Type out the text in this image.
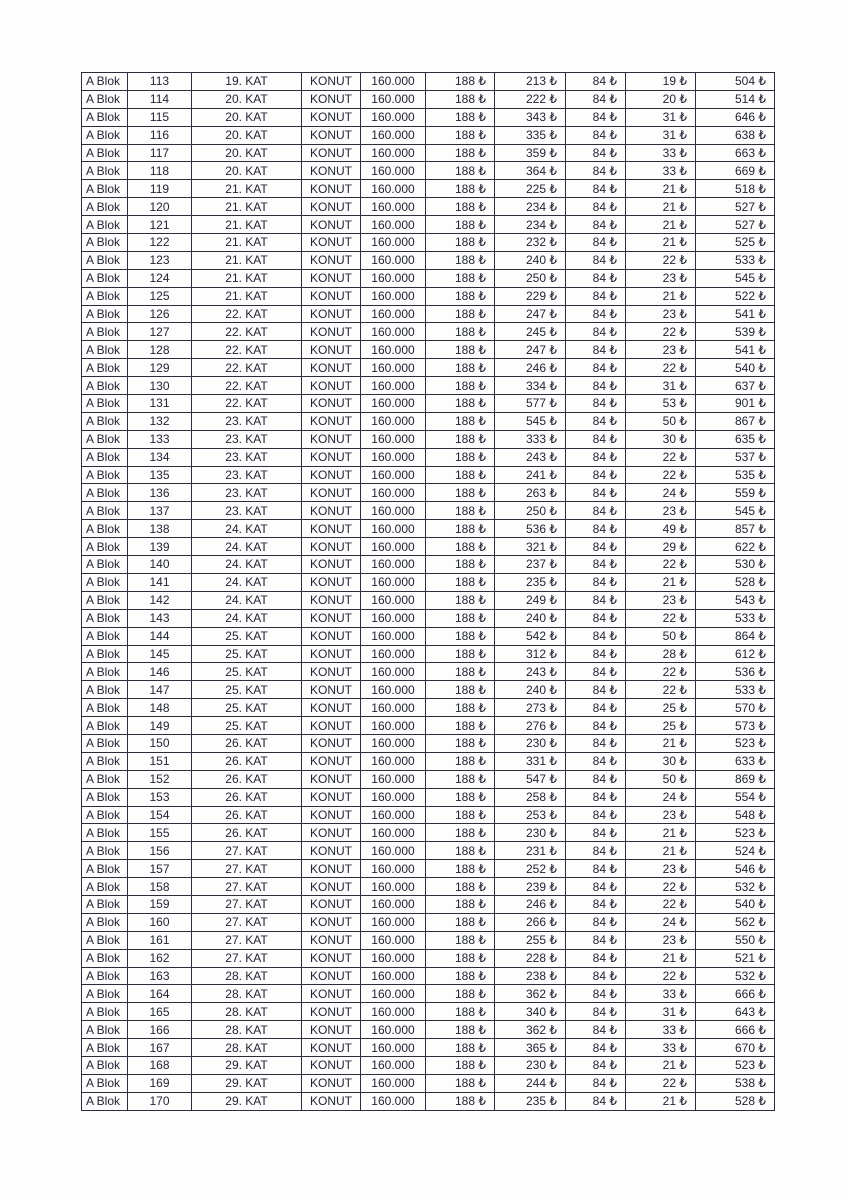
A Blok	113	19. KAT	KONUT	160.000	188 ₺	213 ₺	84 ₺	19 ₺	504 ₺
A Blok	114	20. KAT	KONUT	160.000	188 ₺	222 ₺	84 ₺	20 ₺	514 ₺
A Blok	115	20. KAT	KONUT	160.000	188 ₺	343 ₺	84 ₺	31 ₺	646 ₺
A Blok	116	20. KAT	KONUT	160.000	188 ₺	335 ₺	84 ₺	31 ₺	638 ₺
A Blok	117	20. KAT	KONUT	160.000	188 ₺	359 ₺	84 ₺	33 ₺	663 ₺
A Blok	118	20. KAT	KONUT	160.000	188 ₺	364 ₺	84 ₺	33 ₺	669 ₺
A Blok	119	21. KAT	KONUT	160.000	188 ₺	225 ₺	84 ₺	21 ₺	518 ₺
A Blok	120	21. KAT	KONUT	160.000	188 ₺	234 ₺	84 ₺	21 ₺	527 ₺
A Blok	121	21. KAT	KONUT	160.000	188 ₺	234 ₺	84 ₺	21 ₺	527 ₺
A Blok	122	21. KAT	KONUT	160.000	188 ₺	232 ₺	84 ₺	21 ₺	525 ₺
A Blok	123	21. KAT	KONUT	160.000	188 ₺	240 ₺	84 ₺	22 ₺	533 ₺
A Blok	124	21. KAT	KONUT	160.000	188 ₺	250 ₺	84 ₺	23 ₺	545 ₺
A Blok	125	21. KAT	KONUT	160.000	188 ₺	229 ₺	84 ₺	21 ₺	522 ₺
A Blok	126	22. KAT	KONUT	160.000	188 ₺	247 ₺	84 ₺	23 ₺	541 ₺
A Blok	127	22. KAT	KONUT	160.000	188 ₺	245 ₺	84 ₺	22 ₺	539 ₺
A Blok	128	22. KAT	KONUT	160.000	188 ₺	247 ₺	84 ₺	23 ₺	541 ₺
A Blok	129	22. KAT	KONUT	160.000	188 ₺	246 ₺	84 ₺	22 ₺	540 ₺
A Blok	130	22. KAT	KONUT	160.000	188 ₺	334 ₺	84 ₺	31 ₺	637 ₺
A Blok	131	22. KAT	KONUT	160.000	188 ₺	577 ₺	84 ₺	53 ₺	901 ₺
A Blok	132	23. KAT	KONUT	160.000	188 ₺	545 ₺	84 ₺	50 ₺	867 ₺
A Blok	133	23. KAT	KONUT	160.000	188 ₺	333 ₺	84 ₺	30 ₺	635 ₺
A Blok	134	23. KAT	KONUT	160.000	188 ₺	243 ₺	84 ₺	22 ₺	537 ₺
A Blok	135	23. KAT	KONUT	160.000	188 ₺	241 ₺	84 ₺	22 ₺	535 ₺
A Blok	136	23. KAT	KONUT	160.000	188 ₺	263 ₺	84 ₺	24 ₺	559 ₺
A Blok	137	23. KAT	KONUT	160.000	188 ₺	250 ₺	84 ₺	23 ₺	545 ₺
A Blok	138	24. KAT	KONUT	160.000	188 ₺	536 ₺	84 ₺	49 ₺	857 ₺
A Blok	139	24. KAT	KONUT	160.000	188 ₺	321 ₺	84 ₺	29 ₺	622 ₺
A Blok	140	24. KAT	KONUT	160.000	188 ₺	237 ₺	84 ₺	22 ₺	530 ₺
A Blok	141	24. KAT	KONUT	160.000	188 ₺	235 ₺	84 ₺	21 ₺	528 ₺
A Blok	142	24. KAT	KONUT	160.000	188 ₺	249 ₺	84 ₺	23 ₺	543 ₺
A Blok	143	24. KAT	KONUT	160.000	188 ₺	240 ₺	84 ₺	22 ₺	533 ₺
A Blok	144	25. KAT	KONUT	160.000	188 ₺	542 ₺	84 ₺	50 ₺	864 ₺
A Blok	145	25. KAT	KONUT	160.000	188 ₺	312 ₺	84 ₺	28 ₺	612 ₺
A Blok	146	25. KAT	KONUT	160.000	188 ₺	243 ₺	84 ₺	22 ₺	536 ₺
A Blok	147	25. KAT	KONUT	160.000	188 ₺	240 ₺	84 ₺	22 ₺	533 ₺
A Blok	148	25. KAT	KONUT	160.000	188 ₺	273 ₺	84 ₺	25 ₺	570 ₺
A Blok	149	25. KAT	KONUT	160.000	188 ₺	276 ₺	84 ₺	25 ₺	573 ₺
A Blok	150	26. KAT	KONUT	160.000	188 ₺	230 ₺	84 ₺	21 ₺	523 ₺
A Blok	151	26. KAT	KONUT	160.000	188 ₺	331 ₺	84 ₺	30 ₺	633 ₺
A Blok	152	26. KAT	KONUT	160.000	188 ₺	547 ₺	84 ₺	50 ₺	869 ₺
A Blok	153	26. KAT	KONUT	160.000	188 ₺	258 ₺	84 ₺	24 ₺	554 ₺
A Blok	154	26. KAT	KONUT	160.000	188 ₺	253 ₺	84 ₺	23 ₺	548 ₺
A Blok	155	26. KAT	KONUT	160.000	188 ₺	230 ₺	84 ₺	21 ₺	523 ₺
A Blok	156	27. KAT	KONUT	160.000	188 ₺	231 ₺	84 ₺	21 ₺	524 ₺
A Blok	157	27. KAT	KONUT	160.000	188 ₺	252 ₺	84 ₺	23 ₺	546 ₺
A Blok	158	27. KAT	KONUT	160.000	188 ₺	239 ₺	84 ₺	22 ₺	532 ₺
A Blok	159	27. KAT	KONUT	160.000	188 ₺	246 ₺	84 ₺	22 ₺	540 ₺
A Blok	160	27. KAT	KONUT	160.000	188 ₺	266 ₺	84 ₺	24 ₺	562 ₺
A Blok	161	27. KAT	KONUT	160.000	188 ₺	255 ₺	84 ₺	23 ₺	550 ₺
A Blok	162	27. KAT	KONUT	160.000	188 ₺	228 ₺	84 ₺	21 ₺	521 ₺
A Blok	163	28. KAT	KONUT	160.000	188 ₺	238 ₺	84 ₺	22 ₺	532 ₺
A Blok	164	28. KAT	KONUT	160.000	188 ₺	362 ₺	84 ₺	33 ₺	666 ₺
A Blok	165	28. KAT	KONUT	160.000	188 ₺	340 ₺	84 ₺	31 ₺	643 ₺
A Blok	166	28. KAT	KONUT	160.000	188 ₺	362 ₺	84 ₺	33 ₺	666 ₺
A Blok	167	28. KAT	KONUT	160.000	188 ₺	365 ₺	84 ₺	33 ₺	670 ₺
A Blok	168	29. KAT	KONUT	160.000	188 ₺	230 ₺	84 ₺	21 ₺	523 ₺
A Blok	169	29. KAT	KONUT	160.000	188 ₺	244 ₺	84 ₺	22 ₺	538 ₺
A Blok	170	29. KAT	KONUT	160.000	188 ₺	235 ₺	84 ₺	21 ₺	528 ₺
